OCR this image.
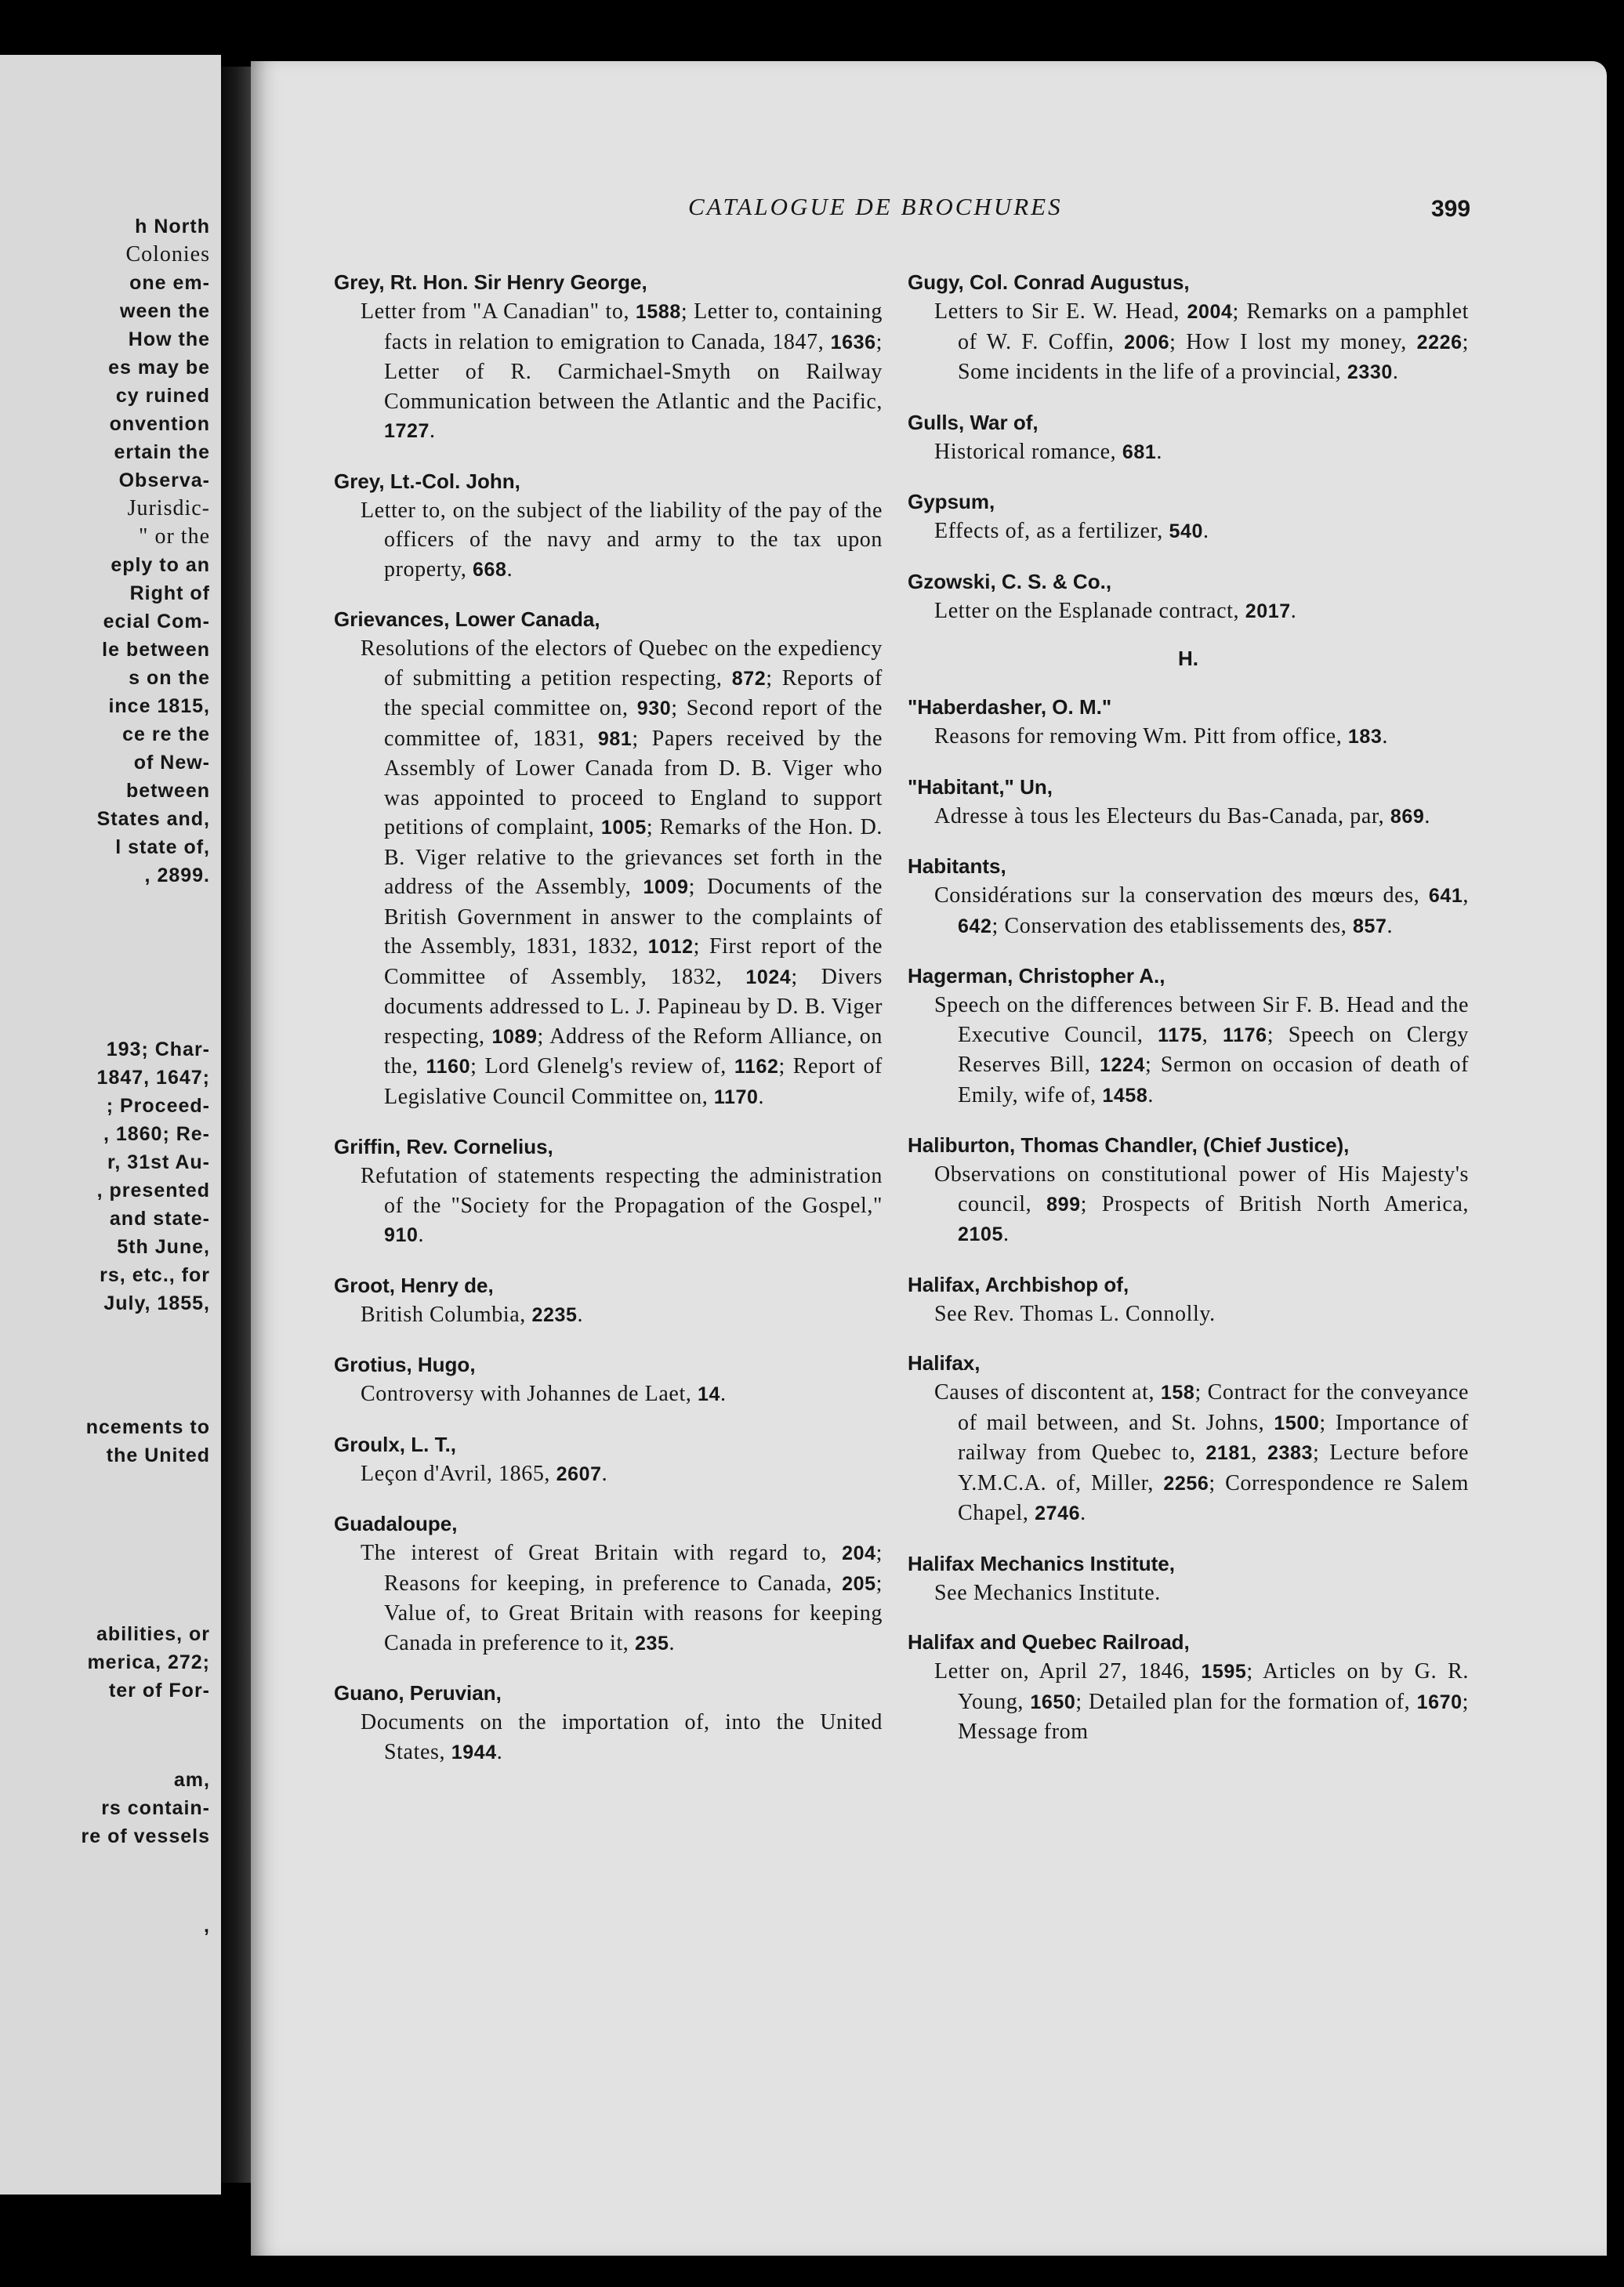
h North
Colonies
one em-
ween the
How the
es may be
cy ruined
onvention
ertain the
Observa-
Jurisdic-
" or the
eply to an
Right of
ecial Com-
le between
s on the
ince 1815,
ce re the
of New-
between
States and,
l state of,
, 2899.
193; Char-
1847, 1647;
; Proceed-
, 1860; Re-
r, 31st Au-
, presented
and state-
5th June,
rs, etc., for
July, 1855,
ncements to
the United
abilities, or
merica, 272;
ter of For-
am,
rs contain-
re of vessels
,
CATALOGUE DE BROCHURES	399
Grey, Rt. Hon. Sir Henry George,
Letter from "A Canadian" to, 1588; Letter to, containing facts in relation to emigration to Canada, 1847, 1636; Letter of R. Carmichael-Smyth on Railway Communication between the Atlantic and the Pacific, 1727.
Grey, Lt.-Col. John,
Letter to, on the subject of the liability of the pay of the officers of the navy and army to the tax upon property, 668.
Grievances, Lower Canada,
Resolutions of the electors of Quebec on the expediency of submitting a petition respecting, 872; Reports of the special committee on, 930; Second report of the committee of, 1831, 981; Papers received by the Assembly of Lower Canada from D. B. Viger who was appointed to proceed to England to support petitions of complaint, 1005; Remarks of the Hon. D. B. Viger relative to the grievances set forth in the address of the Assembly, 1009; Documents of the British Government in answer to the complaints of the Assembly, 1831, 1832, 1012; First report of the Committee of Assembly, 1832, 1024; Divers documents addressed to L. J. Papineau by D. B. Viger respecting, 1089; Address of the Reform Alliance, on the, 1160; Lord Glenelg's review of, 1162; Report of Legislative Council Committee on, 1170.
Griffin, Rev. Cornelius,
Refutation of statements respecting the administration of the "Society for the Propagation of the Gospel," 910.
Groot, Henry de,
British Columbia, 2235.
Grotius, Hugo,
Controversy with Johannes de Laet, 14.
Groulx, L. T.,
Leçon d'Avril, 1865, 2607.
Guadaloupe,
The interest of Great Britain with regard to, 204; Reasons for keeping, in preference to Canada, 205; Value of, to Great Britain with reasons for keeping Canada in preference to it, 235.
Guano, Peruvian,
Documents on the importation of, into the United States, 1944.
Gugy, Col. Conrad Augustus,
Letters to Sir E. W. Head, 2004; Remarks on a pamphlet of W. F. Coffin, 2006; How I lost my money, 2226; Some incidents in the life of a provincial, 2330.
Gulls, War of,
Historical romance, 681.
Gypsum,
Effects of, as a fertilizer, 540.
Gzowski, C. S. & Co.,
Letter on the Esplanade contract, 2017.
H.
"Haberdasher, O. M."
Reasons for removing Wm. Pitt from office, 183.
"Habitant," Un,
Adresse à tous les Electeurs du Bas-Canada, par, 869.
Habitants,
Considérations sur la conservation des mœurs des, 641, 642; Conservation des etablissements des, 857.
Hagerman, Christopher A.,
Speech on the differences between Sir F. B. Head and the Executive Council, 1175, 1176; Speech on Clergy Reserves Bill, 1224; Sermon on occasion of death of Emily, wife of, 1458.
Haliburton, Thomas Chandler, (Chief Justice),
Observations on constitutional power of His Majesty's council, 899; Prospects of British North America, 2105.
Halifax, Archbishop of,
See Rev. Thomas L. Connolly.
Halifax,
Causes of discontent at, 158; Contract for the conveyance of mail between, and St. Johns, 1500; Importance of railway from Quebec to, 2181, 2383; Lecture before Y.M.C.A. of, Miller, 2256; Correspondence re Salem Chapel, 2746.
Halifax Mechanics Institute,
See Mechanics Institute.
Halifax and Quebec Railroad,
Letter on, April 27, 1846, 1595; Articles on by G. R. Young, 1650; Detailed plan for the formation of, 1670; Message from
